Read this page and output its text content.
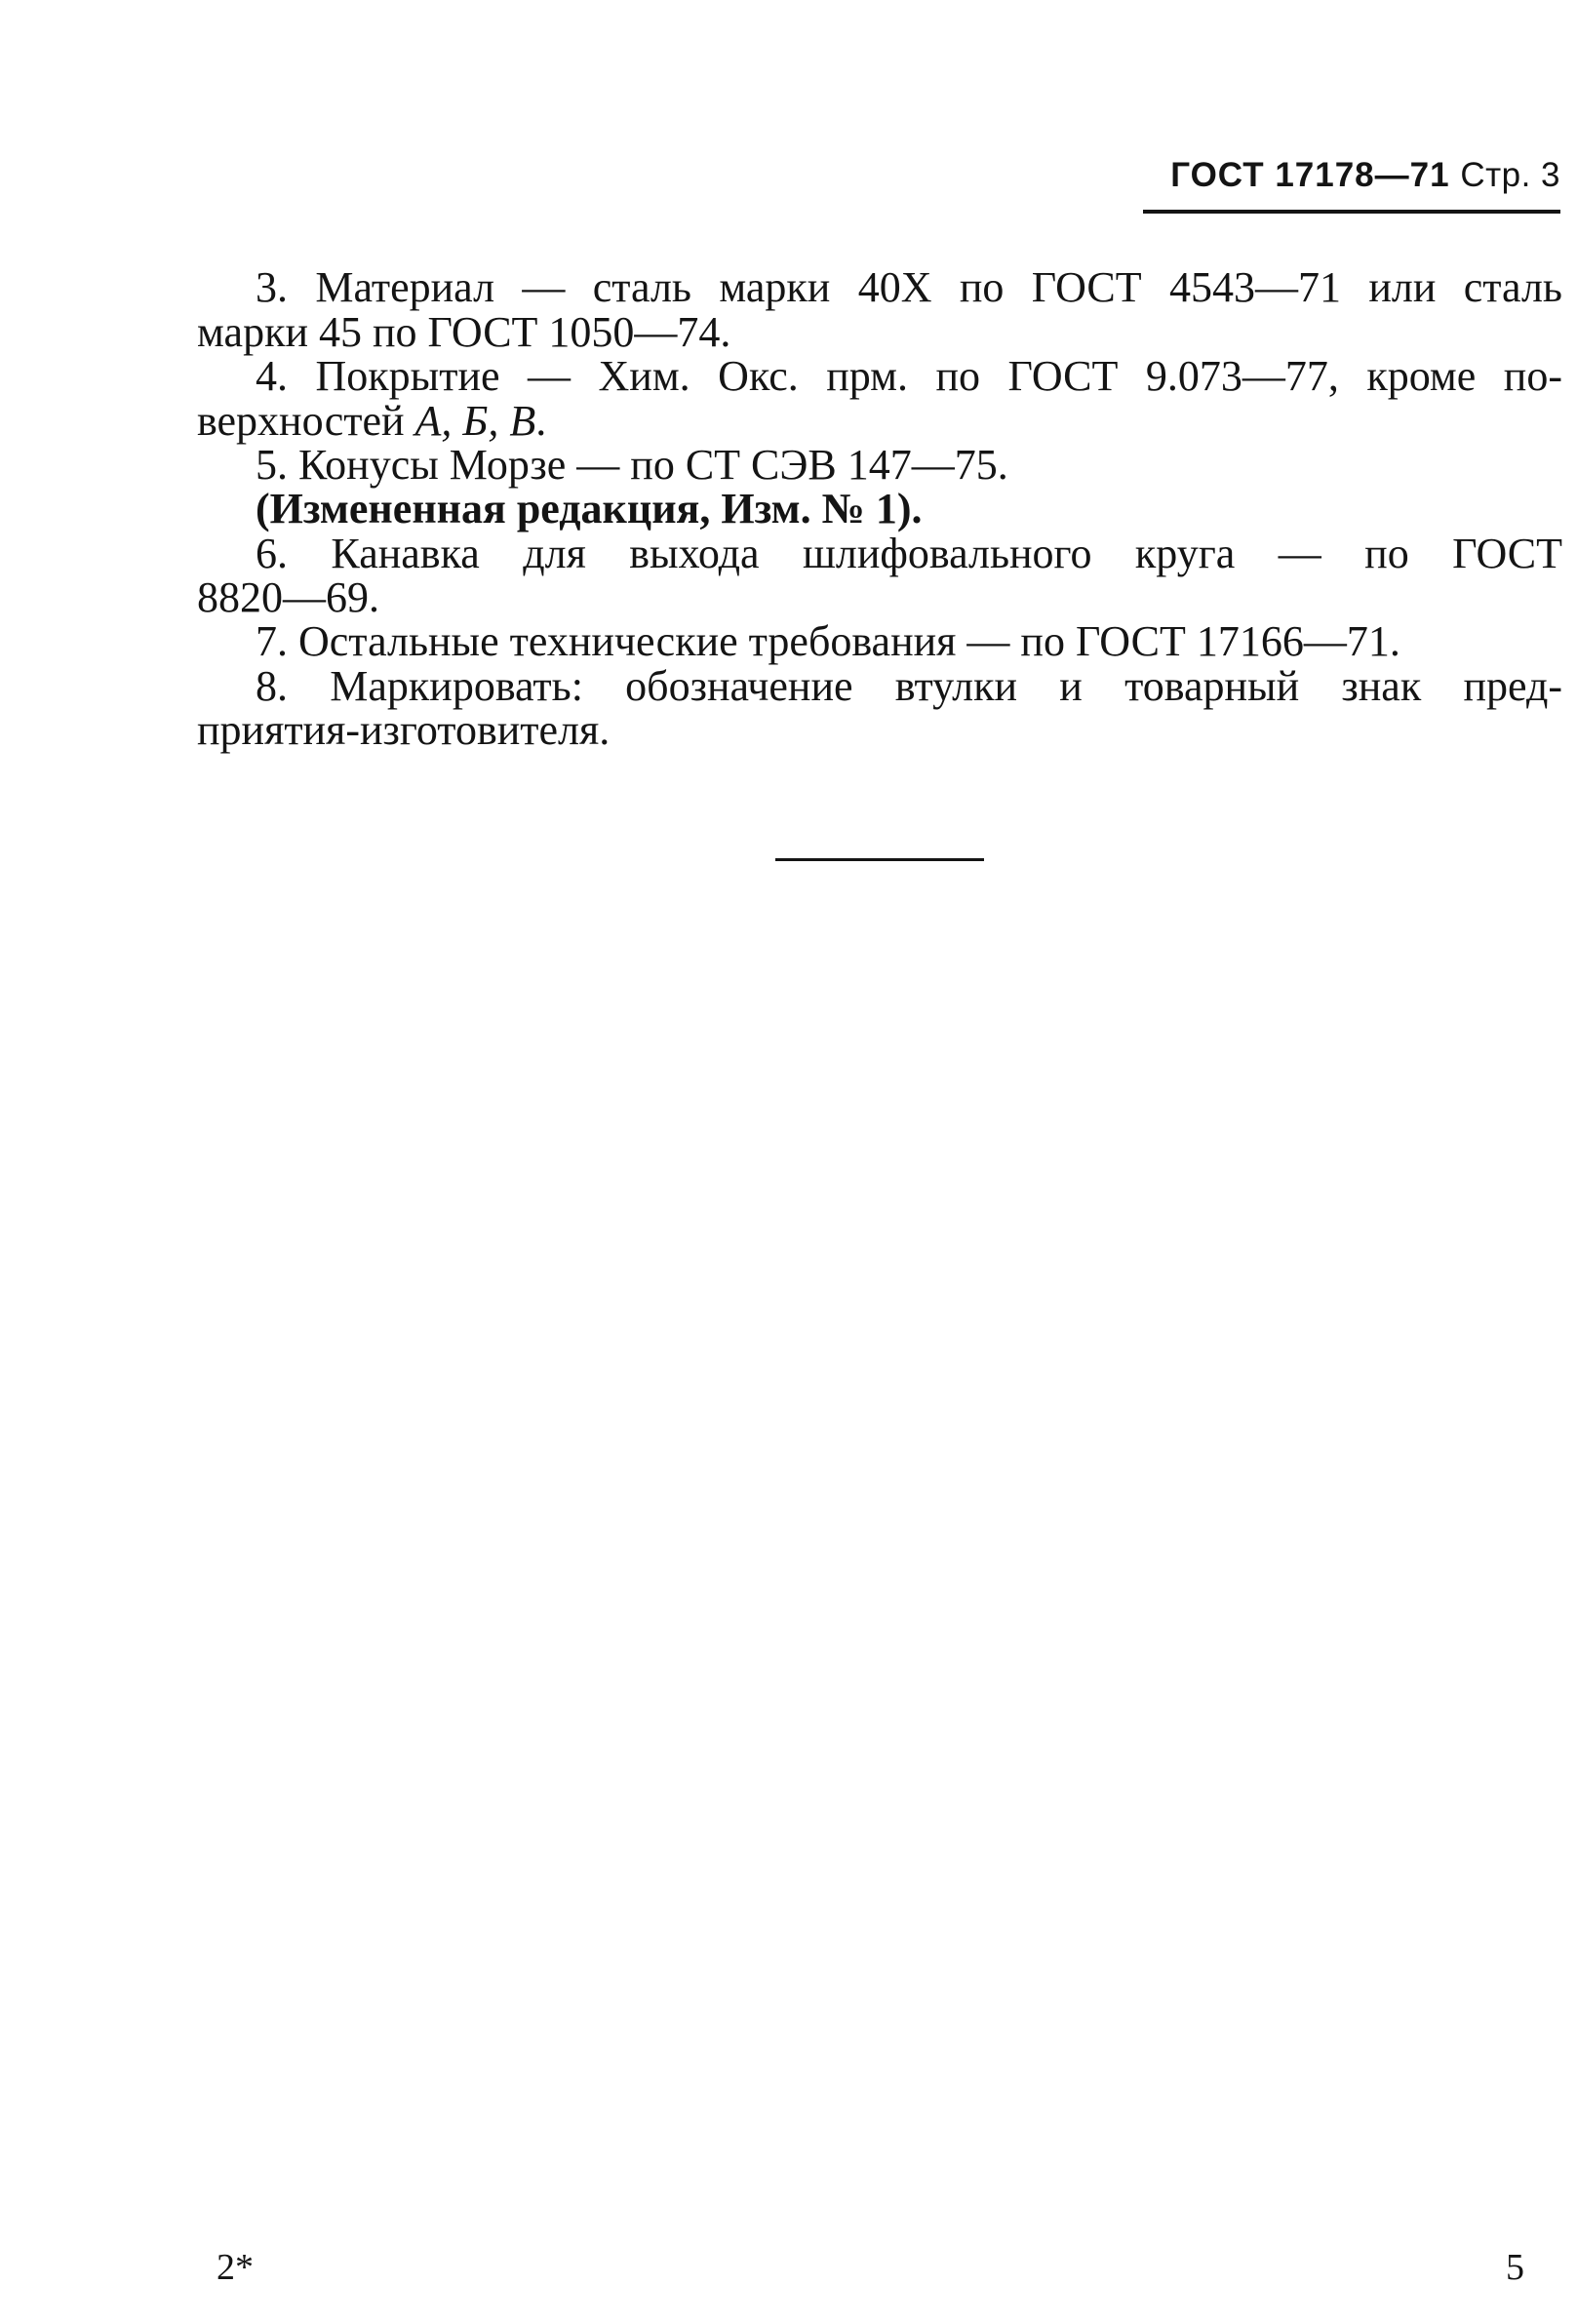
ГОСТ 17178—71 Стр. 3
3. Материал — сталь марки 40Х по ГОСТ 4543—71 или сталь
марки 45 по ГОСТ 1050—74.
4. Покрытие — Хим. Окс. прм. по ГОСТ 9.073—77, кроме по-
верхностей А, Б, В.
5. Конусы Морзе — по СТ СЭВ 147—75.
(Измененная редакция, Изм. № 1).
6. Канавка для выхода шлифовального круга — по ГОСТ
8820—69.
7. Остальные технические требования — по ГОСТ 17166—71.
8. Маркировать: обозначение втулки и товарный знак пред-
приятия-изготовителя.
2*	5
